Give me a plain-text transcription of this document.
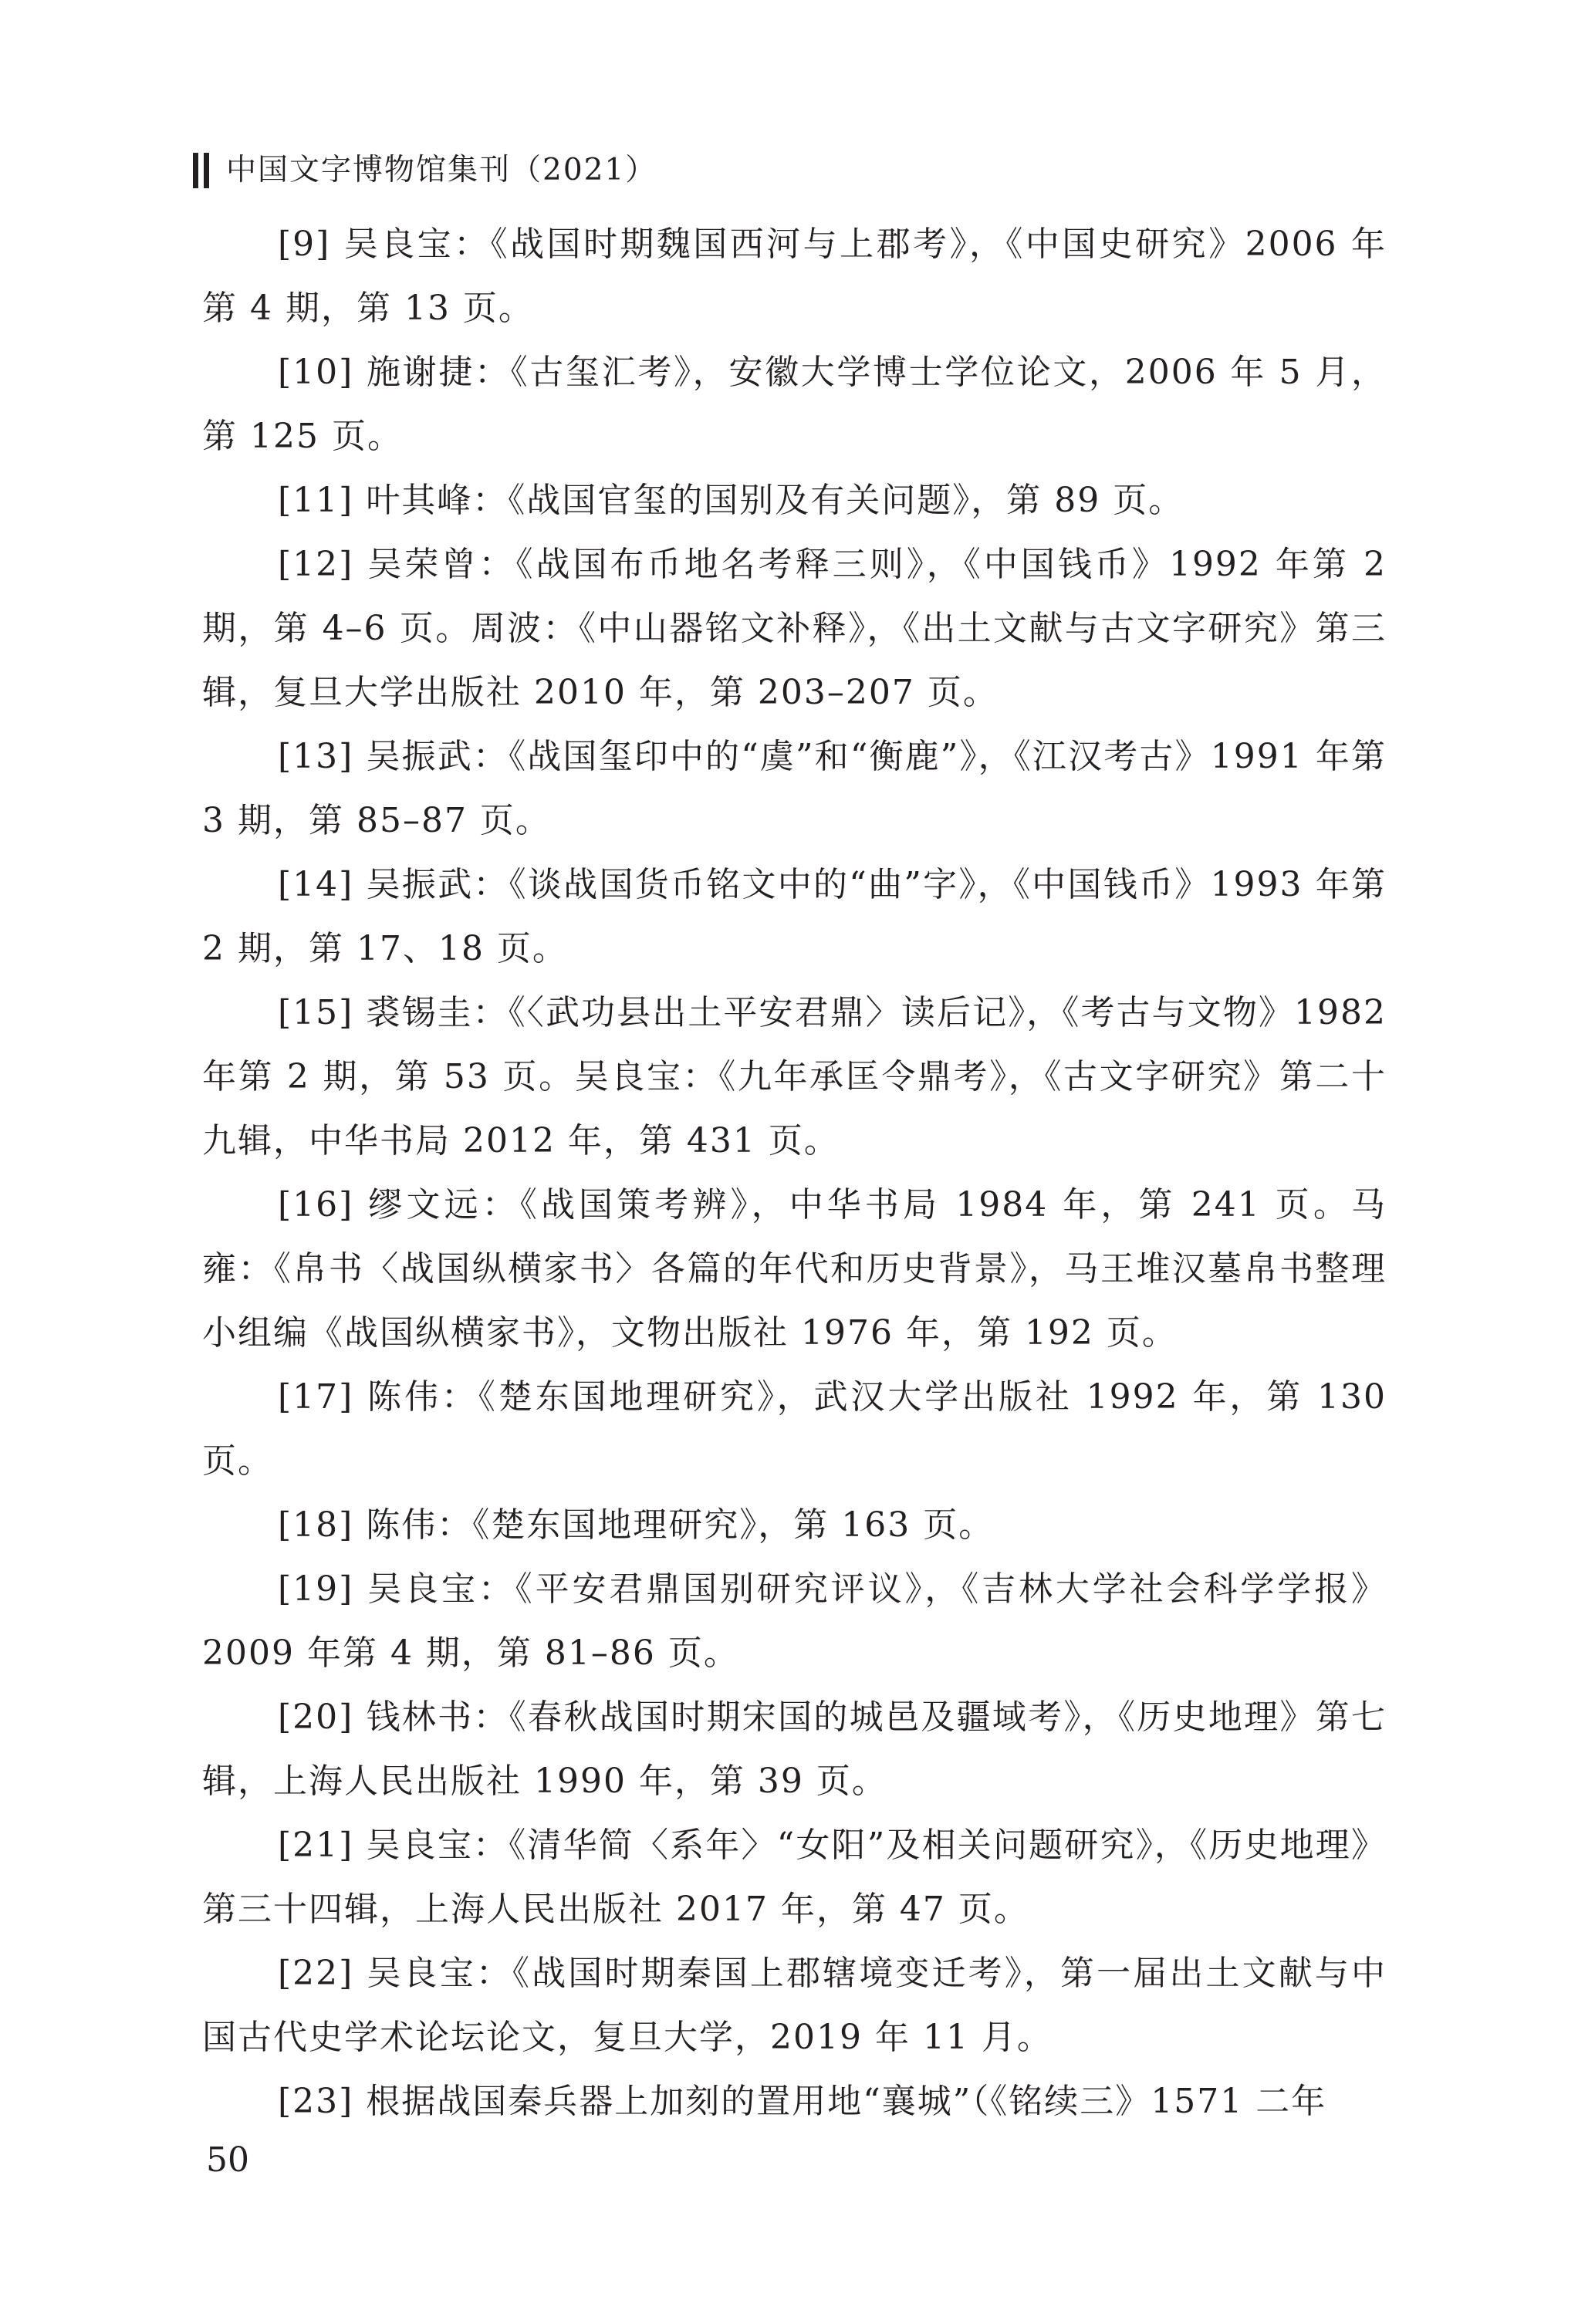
中国文字博物馆集刊（2021）

[9] 吴良宝：《战国时期魏国西河与上郡考》，《中国史研究》2006 年第 4 期，第 13 页。

[10] 施谢捷：《古玺汇考》，安徽大学博士学位论文，2006 年 5 月，第 125 页。

[11] 叶其峰：《战国官玺的国别及有关问题》，第 89 页。

[12] 吴荣曾：《战国布币地名考释三则》，《中国钱币》1992 年第 2 期，第 4–6 页。周波：《中山器铭文补释》，《出土文献与古文字研究》第三辑，复旦大学出版社 2010 年，第 203–207 页。

[13] 吴振武：《战国玺印中的“虞”和“衡鹿”》，《江汉考古》1991 年第 3 期，第 85–87 页。

[14] 吴振武：《谈战国货币铭文中的“曲”字》，《中国钱币》1993 年第 2 期，第 17、18 页。

[15] 裘锡圭：《〈武功县出土平安君鼎〉读后记》，《考古与文物》1982 年第 2 期，第 53 页。吴良宝：《九年承匡令鼎考》，《古文字研究》第二十九辑，中华书局 2012 年，第 431 页。

[16] 缪文远：《战国策考辨》，中华书局 1984 年，第 241 页。马雍：《帛书〈战国纵横家书〉各篇的年代和历史背景》，马王堆汉墓帛书整理小组编《战国纵横家书》，文物出版社 1976 年，第 192 页。

[17] 陈伟：《楚东国地理研究》，武汉大学出版社 1992 年，第 130 页。

[18] 陈伟：《楚东国地理研究》，第 163 页。

[19] 吴良宝：《平安君鼎国别研究评议》，《吉林大学社会科学学报》2009 年第 4 期，第 81–86 页。

[20] 钱林书：《春秋战国时期宋国的城邑及疆域考》，《历史地理》第七辑，上海人民出版社 1990 年，第 39 页。

[21] 吴良宝：《清华简〈系年〉“女阳”及相关问题研究》，《历史地理》第三十四辑，上海人民出版社 2017 年，第 47 页。

[22] 吴良宝：《战国时期秦国上郡辖境变迁考》，第一届出土文献与中国古代史学术论坛论文，复旦大学，2019 年 11 月。

[23] 根据战国秦兵器上加刻的置用地“襄城”（《铭续三》1571 二年

50
